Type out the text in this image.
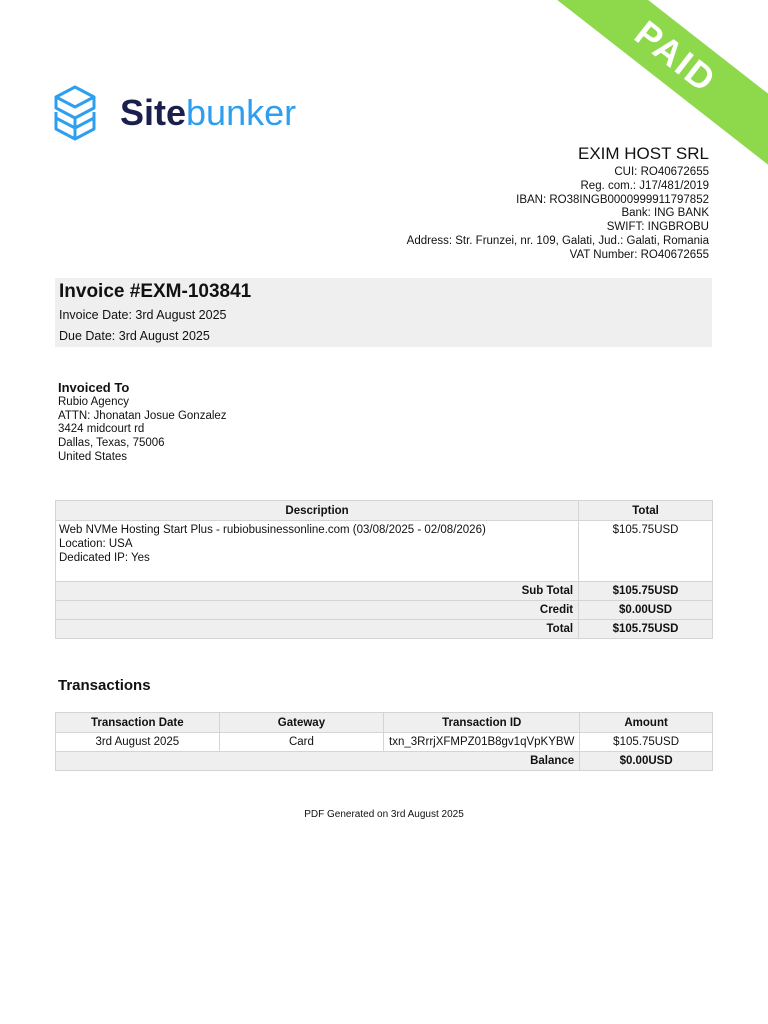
PAID
Sitebunker
EXIM HOST SRL
CUI: RO40672655
Reg. com.: J17/481/2019
IBAN: RO38INGB0000999911797852
Bank: ING BANK
SWIFT: INGBROBU
Address: Str. Frunzei, nr. 109, Galati, Jud.: Galati, Romania
VAT Number: RO40672655
Invoice #EXM-103841
Invoice Date: 3rd August 2025
Due Date: 3rd August 2025
Invoiced To
Rubio Agency
ATTN: Jhonatan Josue Gonzalez
3424 midcourt rd
Dallas, Texas, 75006
United States
Description	Total

Web NVMe Hosting Start Plus - rubiobusinessonline.com (03/08/2025 - 02/08/2026)
Location: USA
Dedicated IP: Yes	$105.75USD
Sub Total	$105.75USD
Credit	$0.00USD
Total	$105.75USD
Transactions
Transaction Date	Gateway	Transaction ID	Amount
3rd August 2025	Card	txn_3RrrjXFMPZ01B8gv1qVpKYBW	$105.75USD
Balance			$0.00USD
PDF Generated on 3rd August 2025
